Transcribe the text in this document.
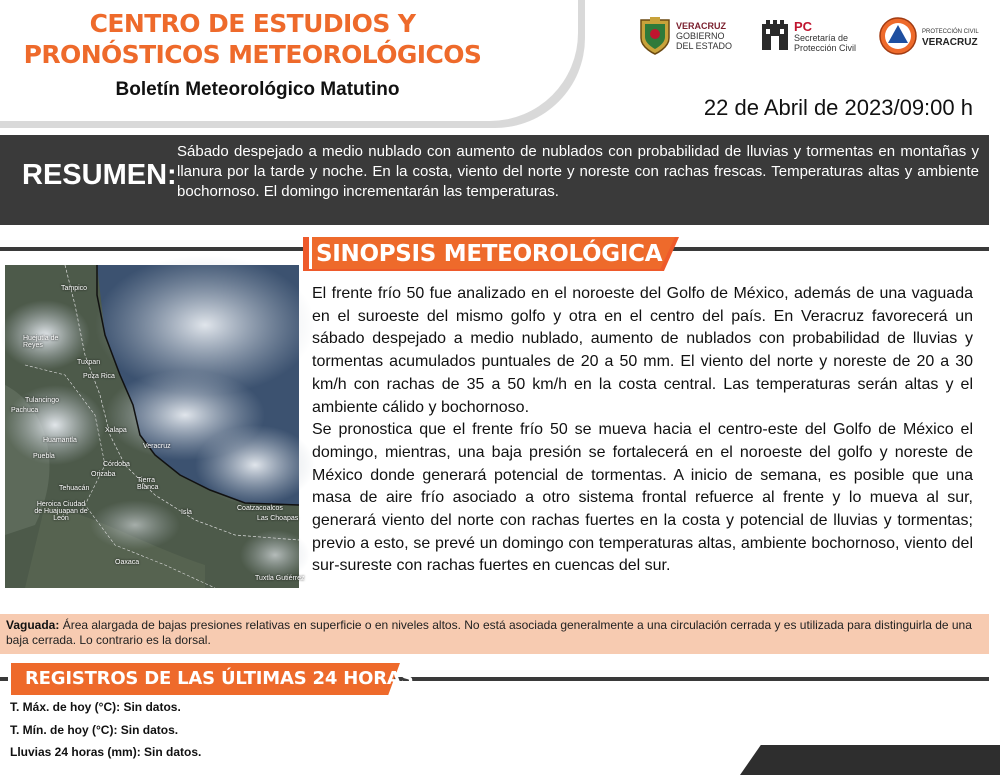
CENTRO DE ESTUDIOS Y
PRONÓSTICOS METEOROLÓGICOS
Boletín Meteorológico Matutino
22 de Abril de 2023/09:00 h
VERACRUZ
GOBIERNO
DEL ESTADO
PC
Secretaría de
Protección Civil
PROTECCIÓN CIVIL
VERACRUZ
RESUMEN:
Sábado despejado a medio nublado con aumento de nublados con probabilidad de lluvias y tormentas en montañas y llanura por la tarde y noche. En la costa, viento del norte y noreste con rachas frescas. Temperaturas altas y ambiente bochornoso. El domingo incrementarán las temperaturas.
SINOPSIS METEOROLÓGICA
Tampico
Huejutla de Reyes
Tuxpan
Poza Rica
Tulancingo
Pachuca
Xalapa
Huamantla
Puebla
Veracruz
Córdoba
Orizaba
Tehuacán
Tierra Blanca
Heroica Ciudad de Huajuapan de León
Isla
Coatzacoalcos
Las Choapas
Oaxaca
Tuxtla Gutiérrez

El frente frío 50 fue analizado en el noroeste del Golfo de México, además de una vaguada en el suroeste del mismo golfo y otra en el centro del país. En Veracruz favorecerá un sábado despejado a medio nublado, aumento de nublados con probabilidad de lluvias y tormentas acumulados puntuales de 20 a 50 mm. El viento del norte y noreste de 20 a 30 km/h con rachas de 35 a 50 km/h en la costa central. Las temperaturas serán altas y el ambiente cálido y bochornoso.

Se pronostica que el frente frío 50 se mueva hacia el centro-este del Golfo de México el domingo, mientras, una baja presión se fortalecerá en el noroeste del golfo y noreste de México donde generará potencial de tormentas. A inicio de semana, es posible que una masa de aire frío asociado a otro sistema frontal refuerce al frente y lo mueva al sur, generará viento del norte con rachas fuertes en la costa y potencial de lluvias y tormentas; previo a esto, se prevé un domingo con temperaturas altas, ambiente bochornoso, viento del sur-sureste con rachas fuertes en cuencas del sur.

Vaguada: Área alargada de bajas presiones relativas en superficie o en niveles altos. No está asociada generalmente a una circulación cerrada y es utilizada para distinguirla de una baja cerrada. Lo contrario es la dorsal.
REGISTROS DE LAS ÚLTIMAS 24 HORAS
T. Máx. de hoy (°C): Sin datos.
T. Mín. de hoy (°C): Sin datos.
Lluvias 24 horas (mm): Sin datos.
